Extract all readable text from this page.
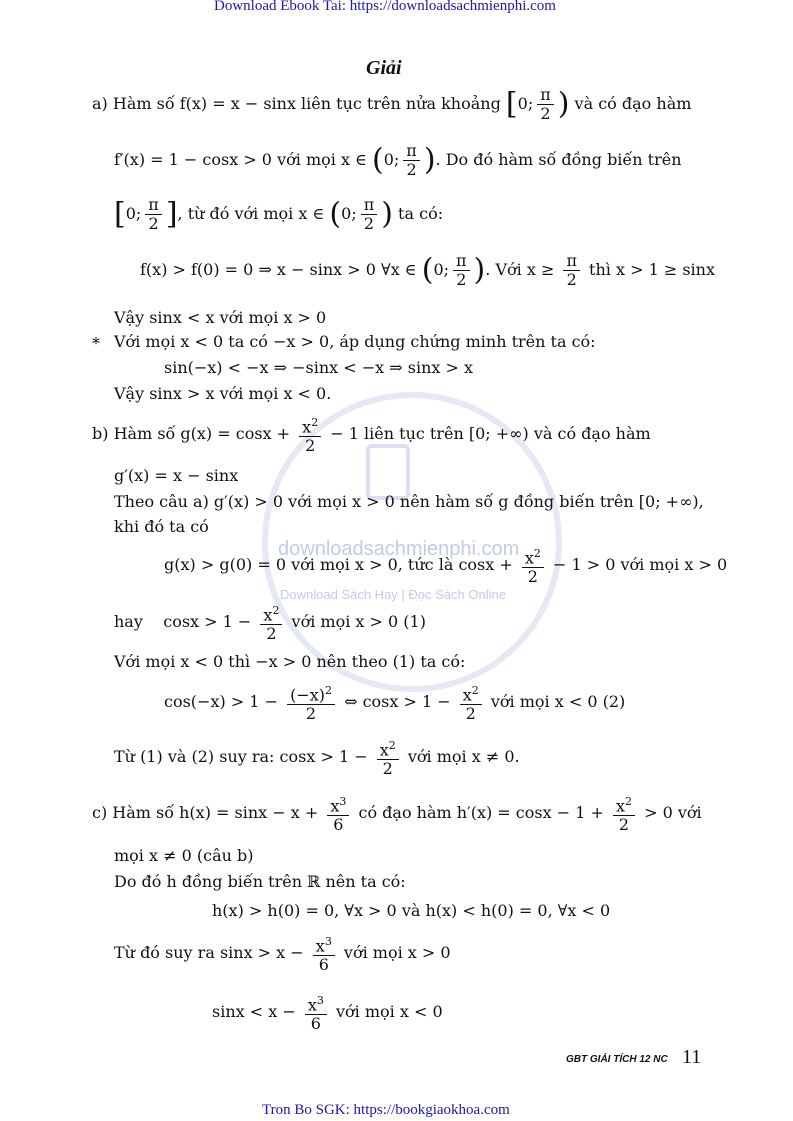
Download Ebook Tai: https://downloadsachmienphi.com
downloadsachmienphi.com
Download Sách Hay | Đọc Sách Online
Giải
a) Hàm số f(x) = x − sinx liên tục trên nửa khoảng [0; $\frac{\pi}{2}$ ) và có đạo hàm
f′(x) = 1 − cosx > 0 với mọi x ∈ (0; $\frac{\pi}{2}$ ). Do đó hàm số đồng biến trên
[0; $\frac{\pi}{2}$ ], từ đó với mọi x ∈ (0; $\frac{\pi}{2}$ ) ta có:
f(x) > f(0) = 0 ⇒ x − sinx > 0 ∀x ∈ (0; $\frac{\pi}{2}$ ). Với $x \ge \frac{\pi}{2}$ thì x > 1 ≥ sinx
Vậy sinx < x với mọi x > 0
* Với mọi x < 0 ta có −x > 0, áp dụng chứng minh trên ta có:
sin(−x) < −x ⇒ −sinx < −x ⇒ sinx > x
Vậy sinx > x với mọi x < 0.
b) Hàm số $g(x) = \cos x + \frac{x^2}{2} - 1$ liên tục trên [0; +∞) và có đạo hàm
g′(x) = x − sinx
Theo câu a) g′(x) > 0 với mọi x > 0 nên hàm số g đồng biến trên [0; +∞),
khi đó ta có
g(x) > g(0) = 0 với mọi x > 0, tức là $\cos x + \frac{x^2}{2} - 1 > 0$ với mọi x > 0
hay $\cos x > 1 - \frac{x^2}{2}$ với mọi x > 0 (1)
Với mọi x < 0 thì −x > 0 nên theo (1) ta có:
$\cos(-x) > 1 - \frac{(-x)^2}{2}$ ⇔ $\cos x > 1 - \frac{x^2}{2}$ với mọi x < 0 (2)
Từ (1) và (2) suy ra: $\cos x > 1 - \frac{x^2}{2}$ với mọi x ≠ 0.
c) Hàm số $h(x) = \sin x - x + \frac{x^3}{6}$ có đạo hàm $h'(x) = \cos x - 1 + \frac{x^2}{2} > 0$ với
mọi x ≠ 0 (câu b)
Do đó h đồng biến trên ℝ nên ta có:
h(x) > h(0) = 0, ∀x > 0 và h(x) < h(0) = 0, ∀x < 0
Từ đó suy ra $\sin x > x - \frac{x^3}{6}$ với mọi x > 0
$\sin x < x - \frac{x^3}{6}$ với mọi x < 0
GBT GIẢI TÍCH 12 NC 11
Tron Bo SGK: https://bookgiaokhoa.com
